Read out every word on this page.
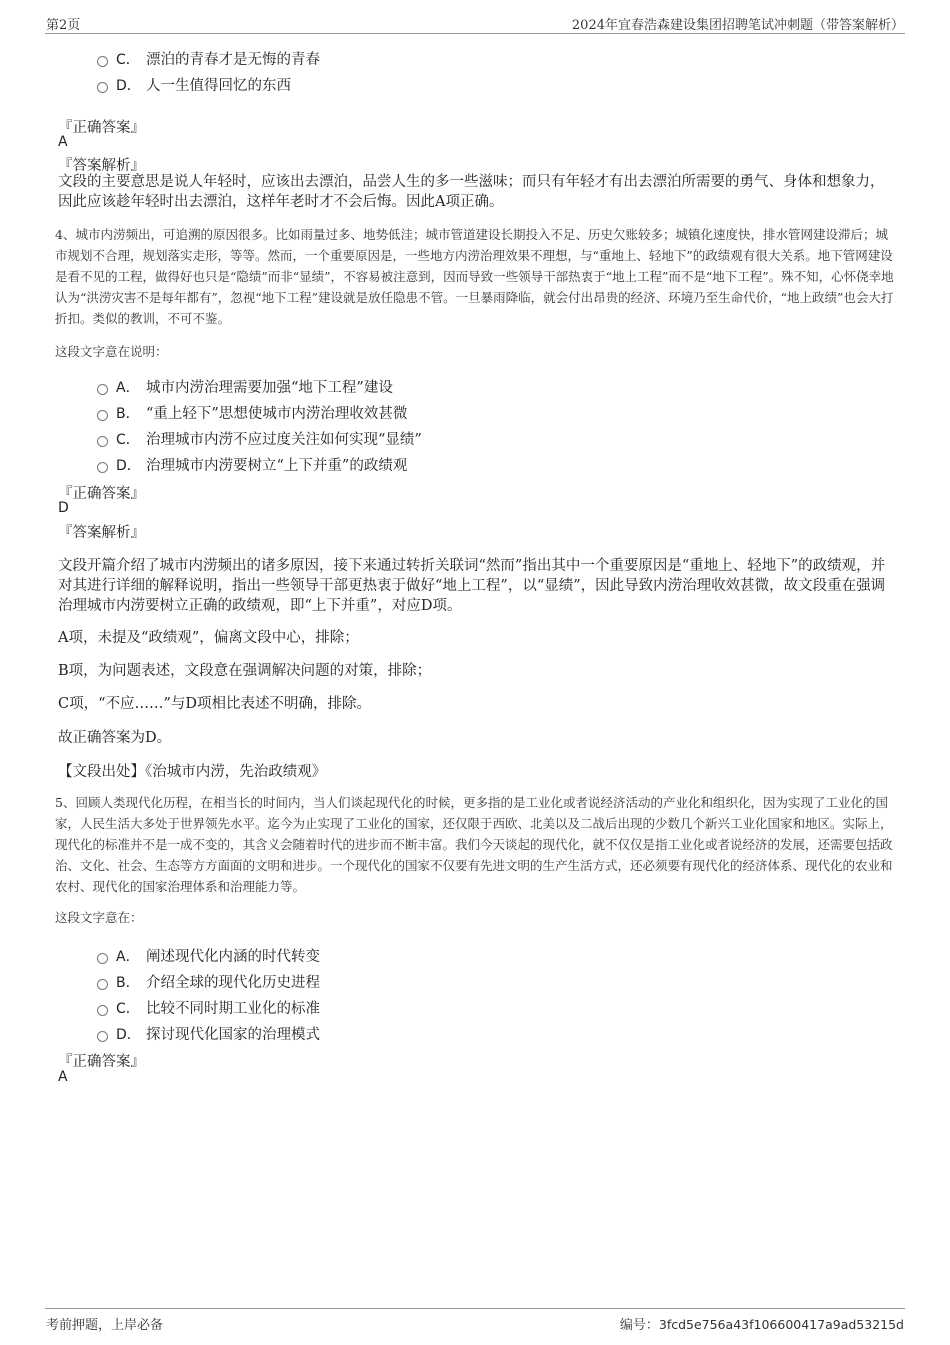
第2页	2024年宜春浩森建设集团招聘笔试冲刺题（带答案解析）
C． 漂泊的青春才是无悔的青春
D． 人一生值得回忆的东西
『正确答案』
A
『答案解析』
文段的主要意思是说人年轻时，应该出去漂泊，品尝人生的多一些滋味；而只有年轻才有出去漂泊所需要的勇气、身体和想象力，因此应该趁年轻时出去漂泊，这样年老时才不会后悔。因此A项正确。
4、城市内涝频出，可追溯的原因很多。比如雨量过多、地势低洼；城市管道建设长期投入不足、历史欠账较多；城镇化速度快，排水管网建设滞后；城市规划不合理，规划落实走形，等等。然而，一个重要原因是，一些地方内涝治理效果不理想，与“重地上、轻地下”的政绩观有很大关系。地下管网建设是看不见的工程，做得好也只是“隐绩”而非“显绩”，不容易被注意到，因而导致一些领导干部热衷于“地上工程”而不是“地下工程”。殊不知，心怀侥幸地认为“洪涝灾害不是每年都有”，忽视“地下工程”建设就是放任隐患不管。一旦暴雨降临，就会付出昂贵的经济、环境乃至生命代价，“地上政绩”也会大打折扣。类似的教训，不可不鉴。
这段文字意在说明：
A． 城市内涝治理需要加强“地下工程”建设
B． “重上轻下”思想使城市内涝治理收效甚微
C． 治理城市内涝不应过度关注如何实现“显绩”
D． 治理城市内涝要树立“上下并重”的政绩观
『正确答案』
D
『答案解析』
文段开篇介绍了城市内涝频出的诸多原因，接下来通过转折关联词“然而”指出其中一个重要原因是“重地上、轻地下”的政绩观，并对其进行详细的解释说明，指出一些领导干部更热衷于做好“地上工程”，以“显绩”，因此导致内涝治理收效甚微，故文段重在强调治理城市内涝要树立正确的政绩观，即“上下并重”，对应D项。
A项，未提及“政绩观”，偏离文段中心，排除；
B项，为问题表述，文段意在强调解决问题的对策，排除；
C项，“不应……”与D项相比表述不明确，排除。
故正确答案为D。
【文段出处】《治城市内涝，先治政绩观》
5、回顾人类现代化历程，在相当长的时间内，当人们谈起现代化的时候，更多指的是工业化或者说经济活动的产业化和组织化，因为实现了工业化的国家，人民生活大多处于世界领先水平。迄今为止实现了工业化的国家，还仅限于西欧、北美以及二战后出现的少数几个新兴工业化国家和地区。实际上，现代化的标准并不是一成不变的，其含义会随着时代的进步而不断丰富。我们今天谈起的现代化，就不仅仅是指工业化或者说经济的发展，还需要包括政治、文化、社会、生态等方方面面的文明和进步。一个现代化的国家不仅要有先进文明的生产生活方式，还必须要有现代化的经济体系、现代化的农业和农村、现代化的国家治理体系和治理能力等。
这段文字意在：
A． 阐述现代化内涵的时代转变
B． 介绍全球的现代化历史进程
C． 比较不同时期工业化的标准
D． 探讨现代化国家的治理模式
『正确答案』
A
考前押题，上岸必备	编号：3fcd5e756a43f106600417a9ad53215d
